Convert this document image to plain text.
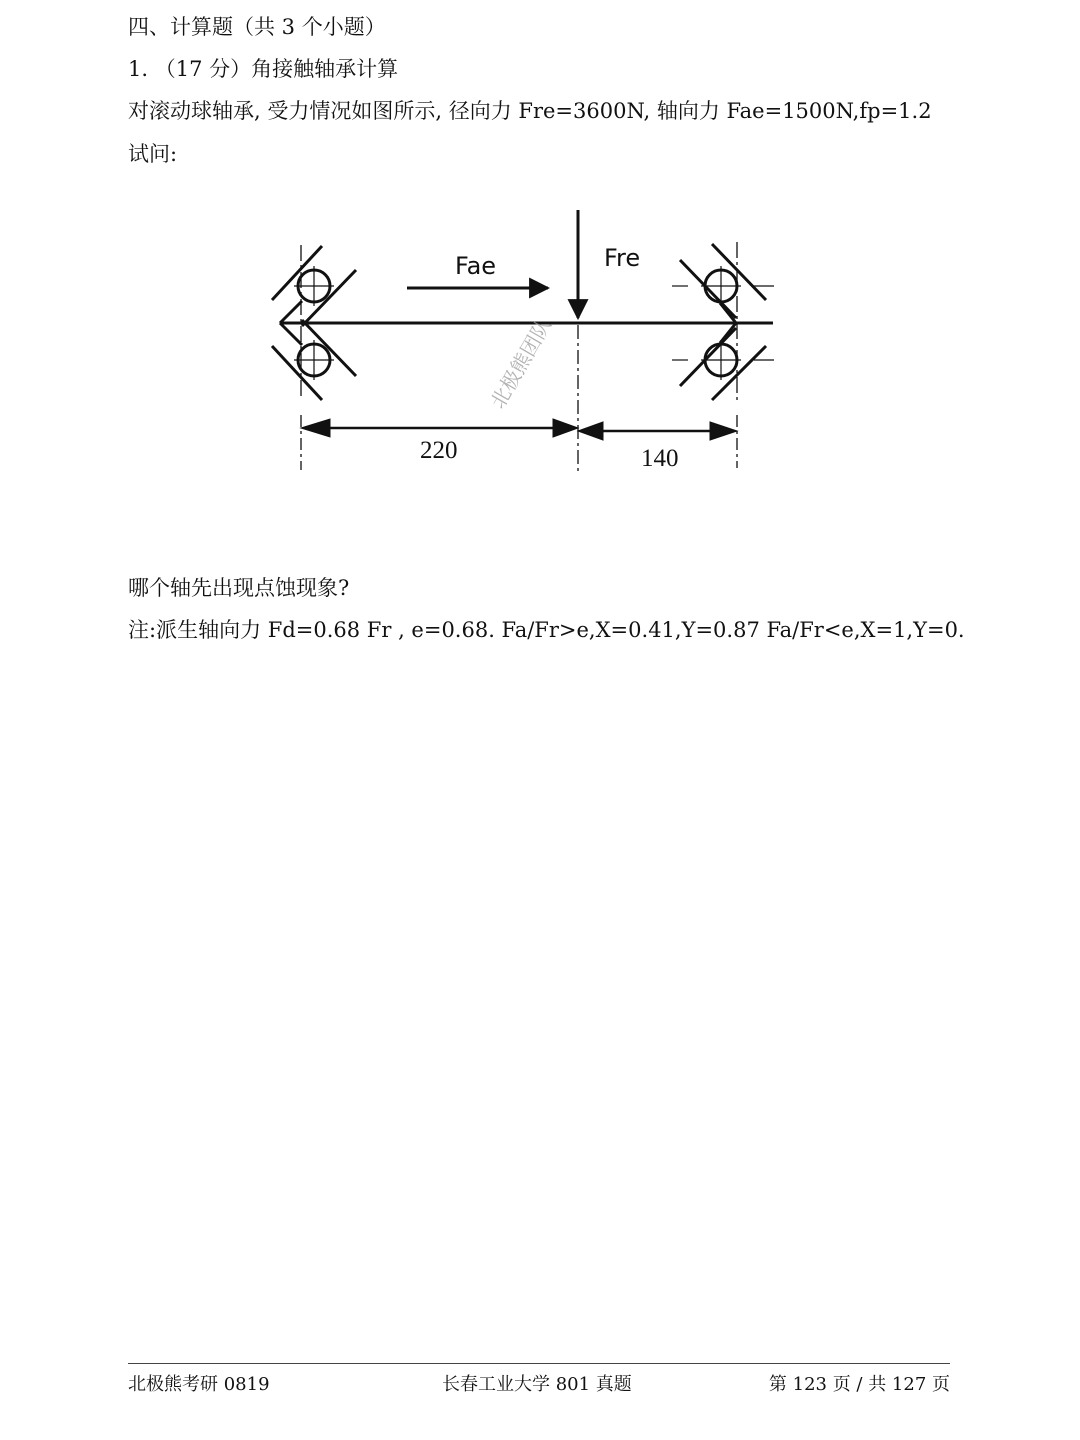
四、计算题（共 3 个小题）
1. （17 分）角接触轴承计算
对滚动球轴承, 受力情况如图所示, 径向力 Fre=3600N, 轴向力 Fae=1500N,fp=1.2
试问:
Fae	Fre
220	140
北极熊团队
哪个轴先出现点蚀现象?
注:派生轴向力 Fd=0.68 Fr , e=0.68. Fa/Fr>e,X=0.41,Y=0.87 Fa/Fr<e,X=1,Y=0.
北极熊考研 0819	长春工业大学 801 真题	第 123 页 / 共 127 页
